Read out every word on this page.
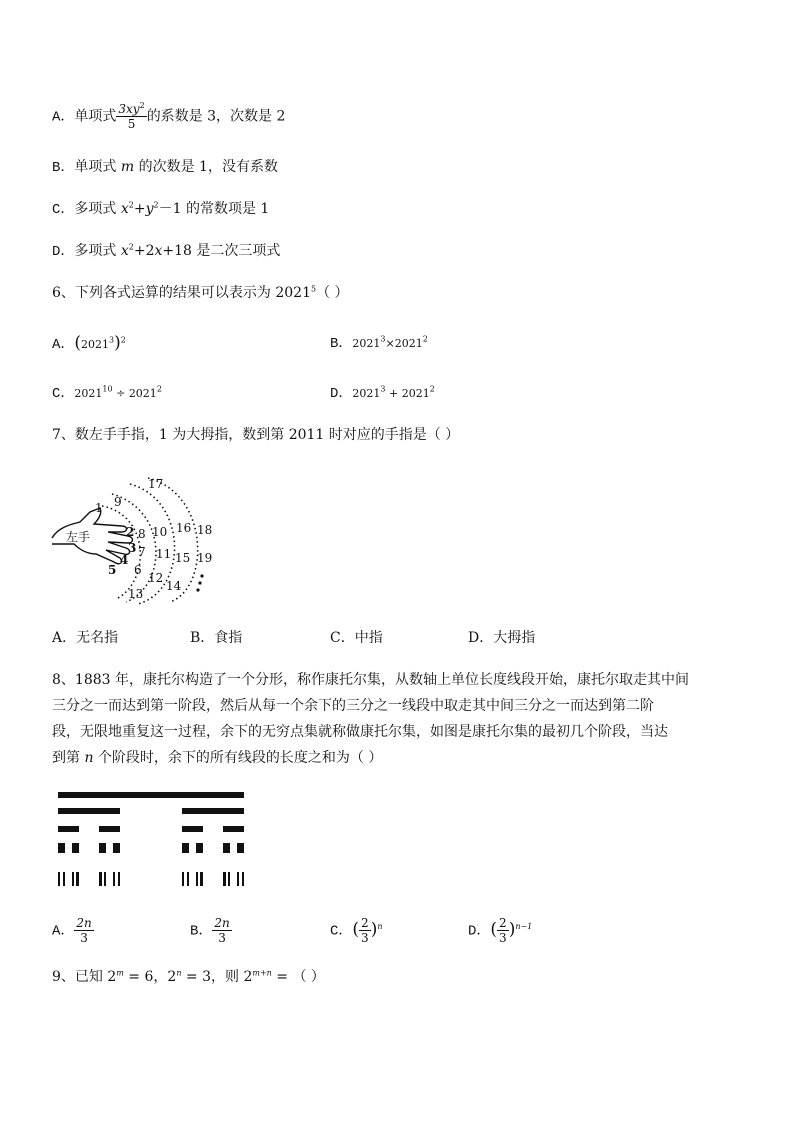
A．单项式 $\frac{3xy^2}{5}$ 的系数是 3，次数是 2
B．单项式 m 的次数是 1，没有系数
C．多项式 $x^2+y^2-1$ 的常数项是 1
D．多项式 $x^2+2x+18$ 是二次三项式
6、下列各式运算的结果可以表示为 2021$^5$（ ）
A．$(2021^3)^2$	B．$2021^3\times 2021^2$
C．$2021^{10} \div 2021^2$	D．$2021^3 + 2021^2$
7、数左手手指，1 为大拇指，数到第 2011 时对应的手指是（ ）
左手
1
2
3
4
5 6
7
8
9
10
11
12
13
14
15
16
17
18
19
A．无名指	B．食指	C．中指	D．大拇指
8、1883 年，康托尔构造了一个分形，称作康托尔集，从数轴上单位长度线段开始，康托尔取走其中间
三分之一而达到第一阶段，然后从每一个余下的三分之一线段中取走其中间三分之一而达到第二阶
段，无限地重复这一过程，余下的无穷点集就称做康托尔集，如图是康托尔集的最初几个阶段，当达
到第 n 个阶段时，余下的所有线段的长度之和为（ ）
A． $\frac{2n}{3}$	B． $\frac{2n}{3}$	C．( $\frac{2}{3} )^n$	D．( $\frac{2}{3} )^{n-1}$
9、已知 $2^m = 6$，$2^n = 3$，则 $2^{m+n}$ = （ ）
